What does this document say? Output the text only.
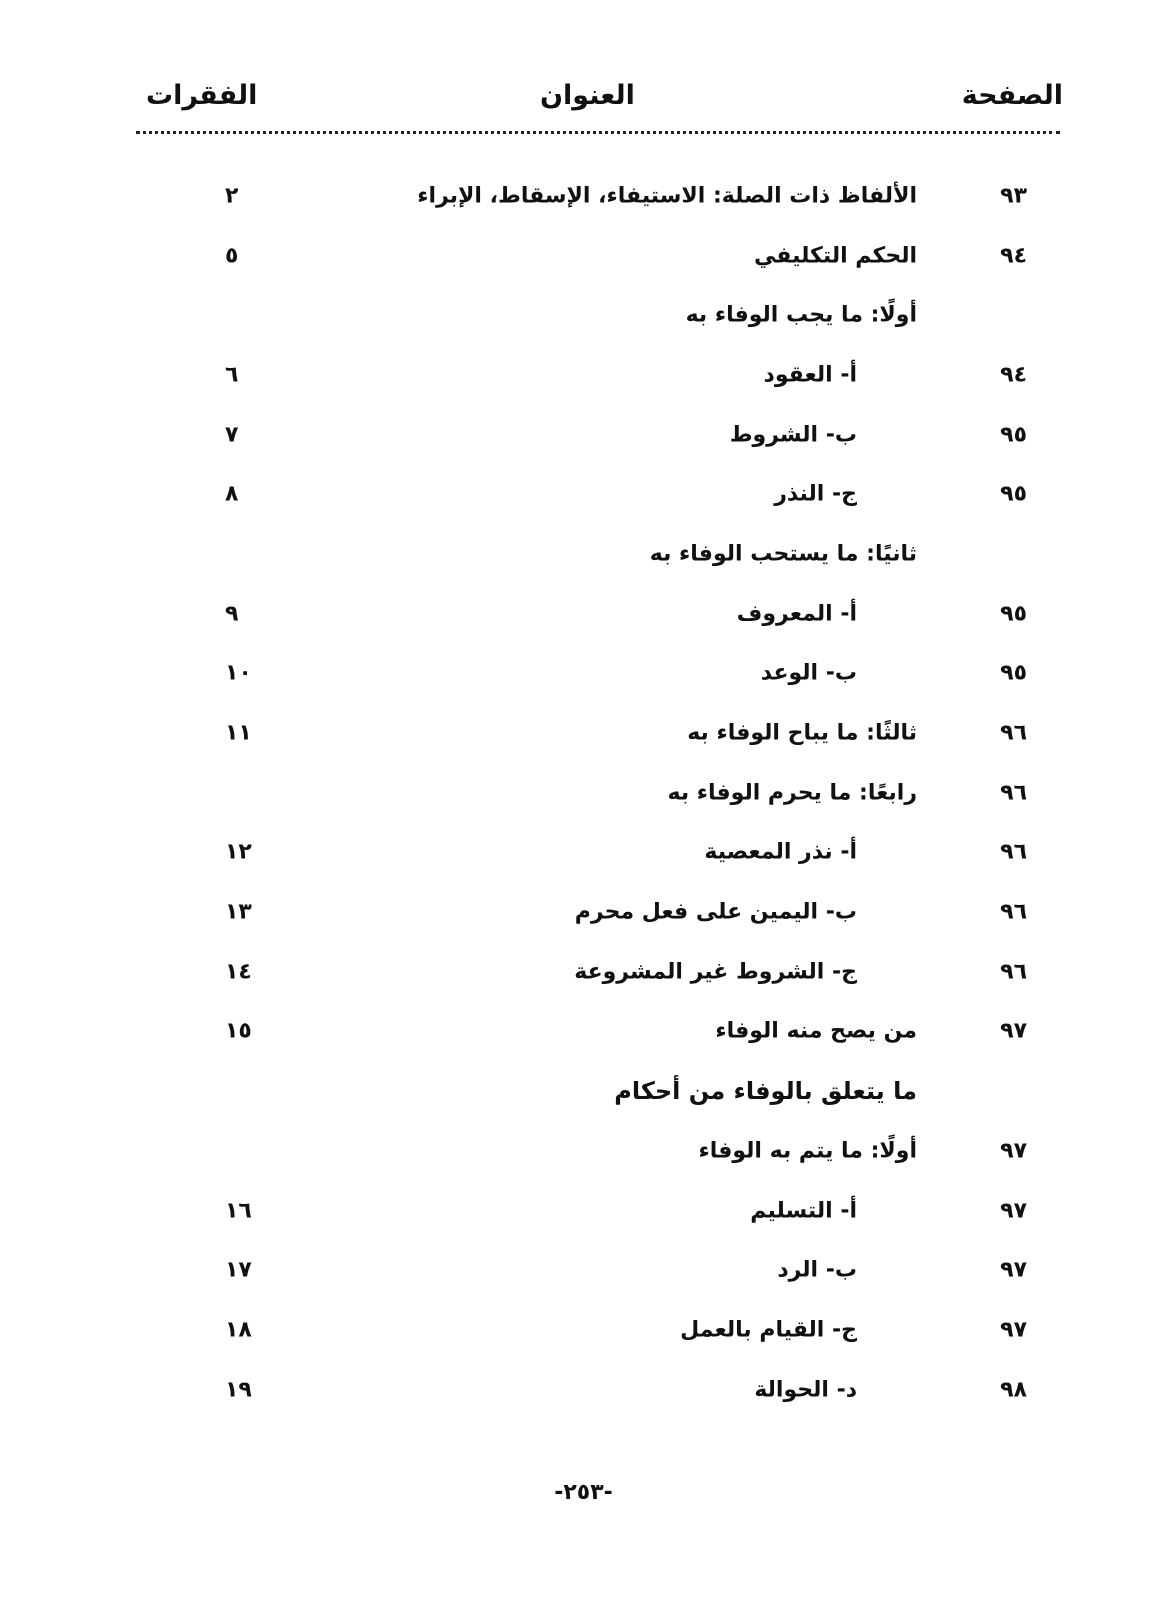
الصفحة
العنوان
الفقرات
٩٣
الألفاظ ذات الصلة: الاستيفاء، الإسقاط، الإبراء
٢
٩٤
الحكم التكليفي
٥
أولًا: ما يجب الوفاء به
٩٤
أ- العقود
٦
٩٥
ب- الشروط
٧
٩٥
ج- النذر
٨
ثانيًا: ما يستحب الوفاء به
٩٥
أ- المعروف
٩
٩٥
ب- الوعد
١٠
٩٦
ثالثًا: ما يباح الوفاء به
١١
٩٦
رابعًا: ما يحرم الوفاء به
٩٦
أ- نذر المعصية
١٢
٩٦
ب- اليمين على فعل محرم
١٣
٩٦
ج- الشروط غير المشروعة
١٤
٩٧
من يصح منه الوفاء
١٥
ما يتعلق بالوفاء من أحكام
٩٧
أولًا: ما يتم به الوفاء
٩٧
أ- التسليم
١٦
٩٧
ب- الرد
١٧
٩٧
ج- القيام بالعمل
١٨
٩٨
د- الحوالة
١٩
-٢٥٣-
